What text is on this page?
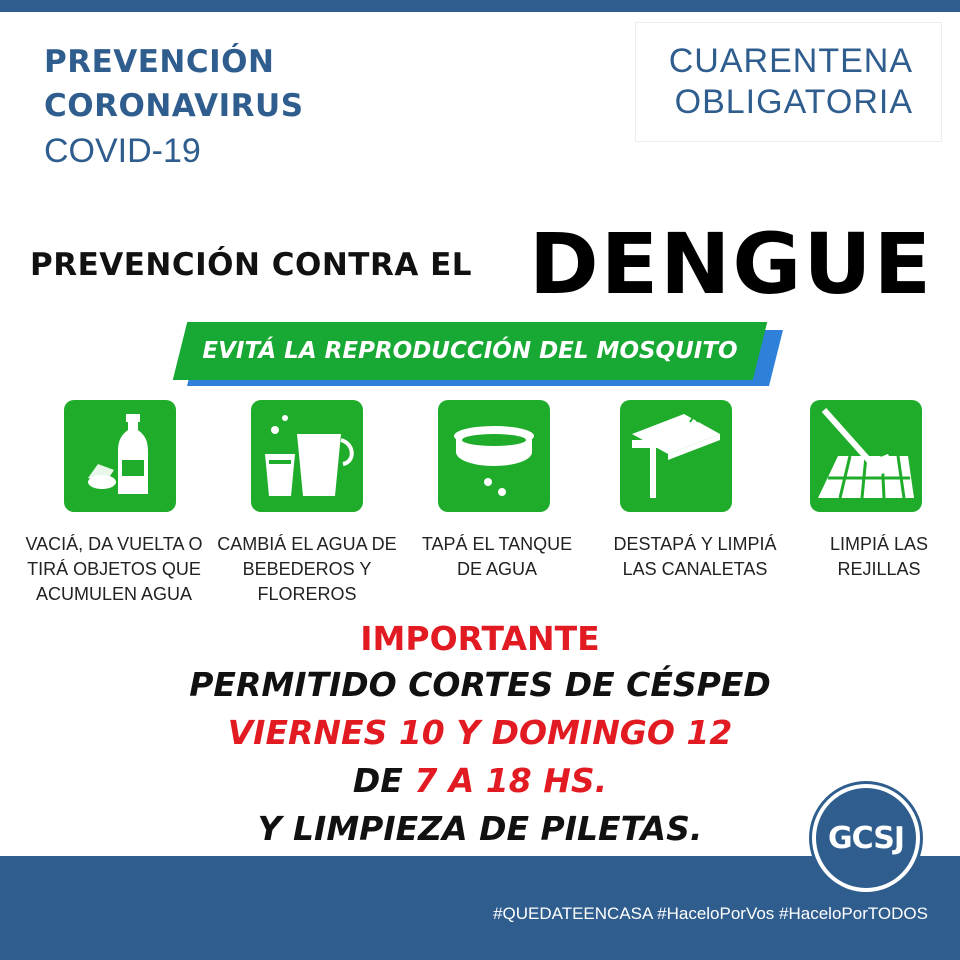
PREVENCIÓN
CORONAVIRUS
COVID-19
CUARENTENA
OBLIGATORIA
PREVENCIÓN CONTRA EL DENGUE
EVITÁ LA REPRODUCCIÓN DEL MOSQUITO
VACIÁ, DA VUELTA O
TIRÁ OBJETOS QUE
ACUMULEN AGUA
CAMBIÁ EL AGUA DE
BEBEDEROS Y
FLOREROS
TAPÁ EL TANQUE
DE AGUA
DESTAPÁ Y LIMPIÁ
LAS CANALETAS
LIMPIÁ LAS
REJILLAS
IMPORTANTE
PERMITIDO CORTES DE CÉSPED
VIERNES 10 Y DOMINGO 12
DE 7 A 18 HS.
Y LIMPIEZA DE PILETAS.
#QUEDATEENCASA #HaceloPorVos #HaceloPorTODOS
GCSJ
